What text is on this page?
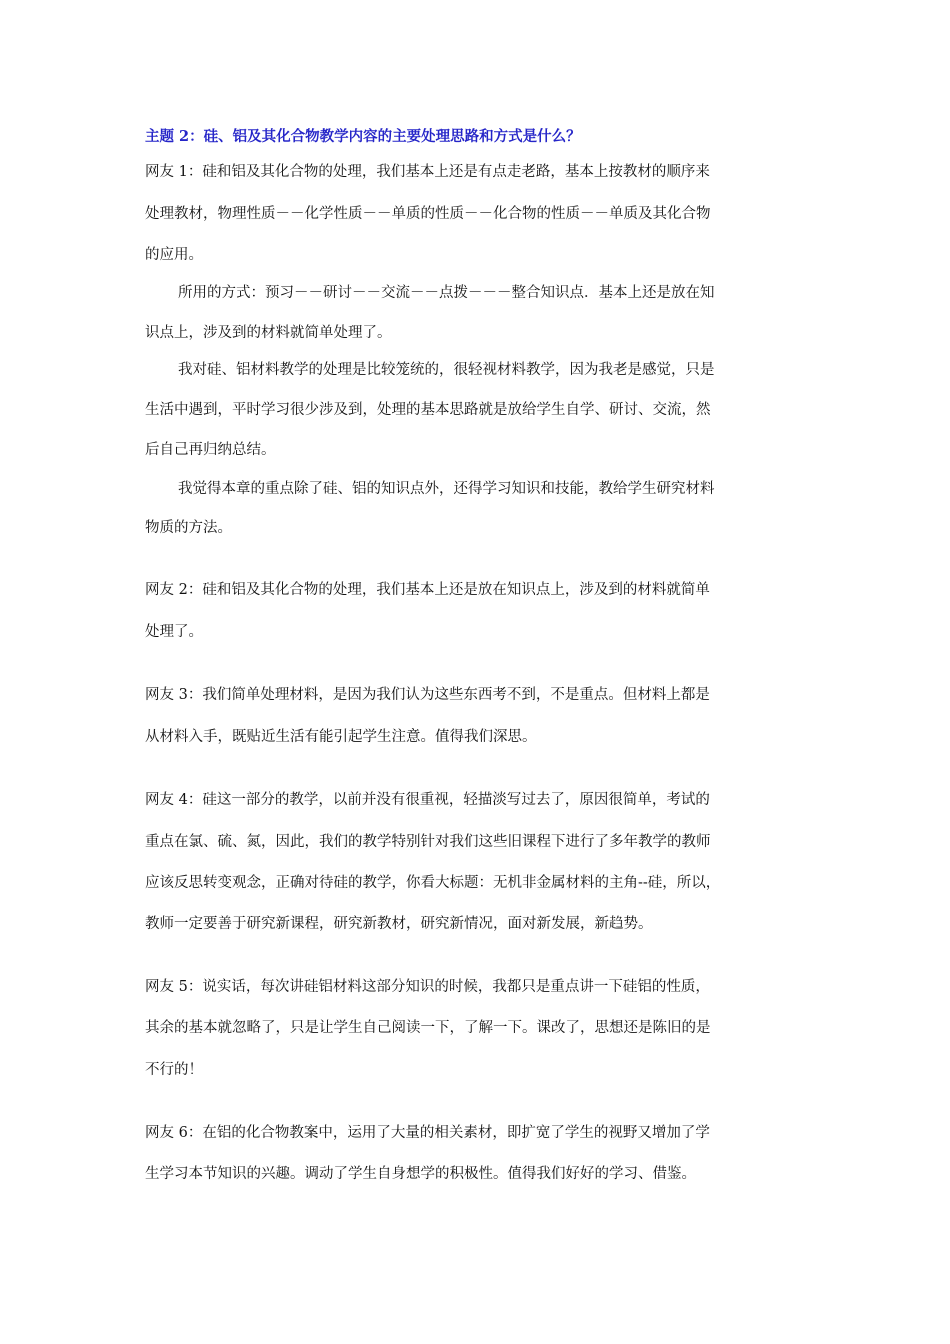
主题 2：硅、铝及其化合物教学内容的主要处理思路和方式是什么？
网友 1：硅和铝及其化合物的处理，我们基本上还是有点走老路，基本上按教材的顺序来
处理教材，物理性质－－化学性质－－单质的性质－－化合物的性质－－单质及其化合物
的应用。
所用的方式：预习－－研讨－－交流－－点拨－－－整合知识点．基本上还是放在知
识点上，涉及到的材料就简单处理了。
我对硅、铝材料教学的处理是比较笼统的，很轻视材料教学，因为我老是感觉，只是
生活中遇到，平时学习很少涉及到，处理的基本思路就是放给学生自学、研讨、交流，然
后自己再归纳总结。
我觉得本章的重点除了硅、铝的知识点外，还得学习知识和技能，教给学生研究材料
物质的方法。
网友 2：硅和铝及其化合物的处理，我们基本上还是放在知识点上，涉及到的材料就简单
处理了。
网友 3：我们简单处理材料，是因为我们认为这些东西考不到，不是重点。但材料上都是
从材料入手，既贴近生活有能引起学生注意。值得我们深思。
网友 4：硅这一部分的教学，以前并没有很重视，轻描淡写过去了，原因很简单，考试的
重点在氯、硫、氮，因此，我们的教学特别针对我们这些旧课程下进行了多年教学的教师
应该反思转变观念，正确对待硅的教学，你看大标题：无机非金属材料的主角--硅，所以，
教师一定要善于研究新课程，研究新教材，研究新情况，面对新发展，新趋势。
网友 5：说实话，每次讲硅铝材料这部分知识的时候，我都只是重点讲一下硅铝的性质，
其余的基本就忽略了，只是让学生自己阅读一下，了解一下。课改了，思想还是陈旧的是
不行的！
网友 6：在铝的化合物教案中，运用了大量的相关素材，即扩宽了学生的视野又增加了学
生学习本节知识的兴趣。调动了学生自身想学的积极性。值得我们好好的学习、借鉴。
